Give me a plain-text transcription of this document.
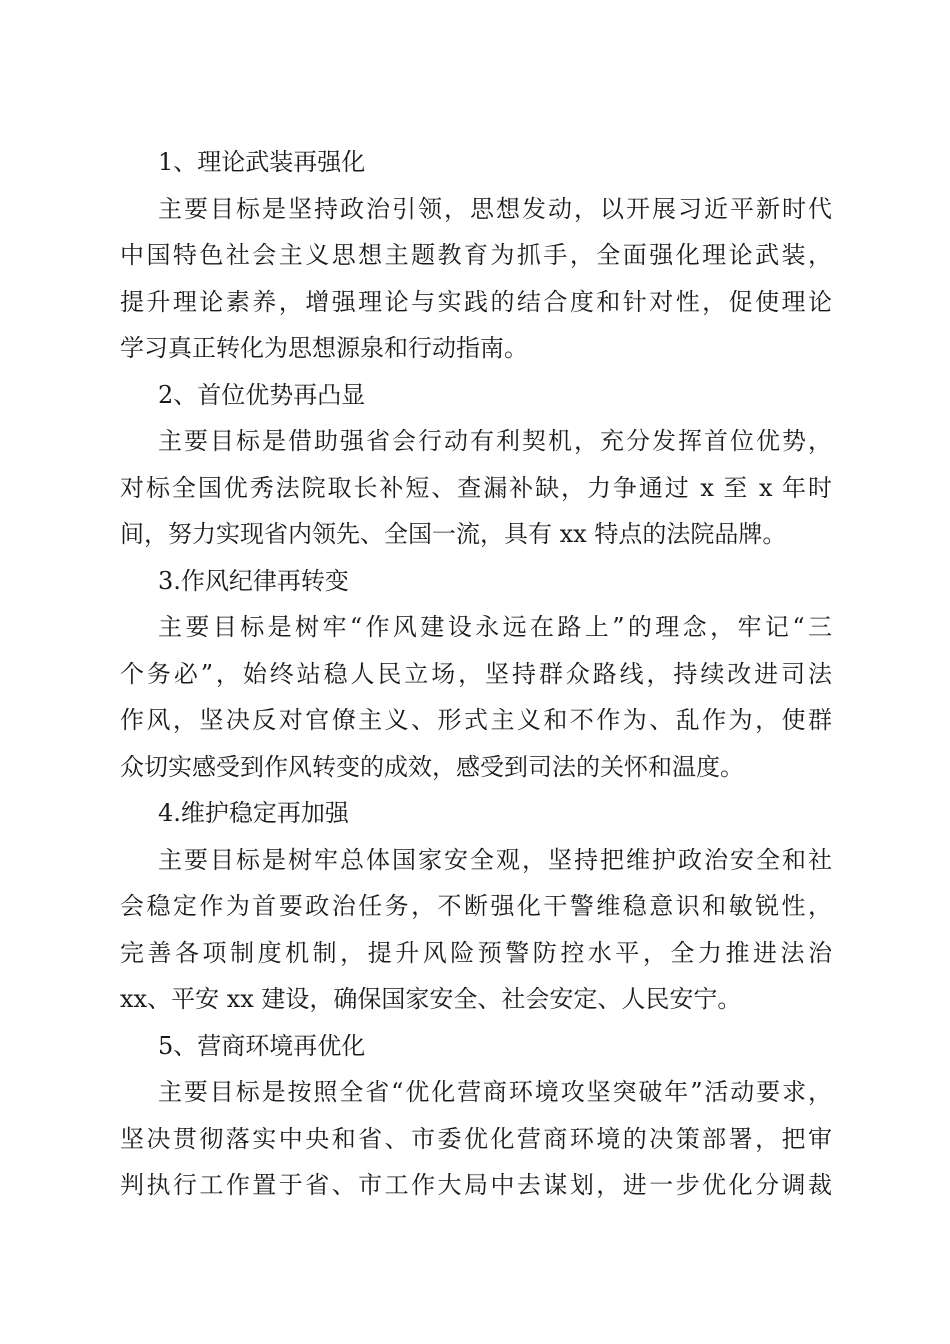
1、理论武装再强化
主要目标是坚持政治引领，思想发动，以开展习近平新时代
中国特色社会主义思想主题教育为抓手，全面强化理论武装，
提升理论素养，增强理论与实践的结合度和针对性，促使理论
学习真正转化为思想源泉和行动指南。
2、首位优势再凸显
主要目标是借助强省会行动有利契机，充分发挥首位优势，
对标全国优秀法院取长补短、查漏补缺，力争通过 x 至 x 年时
间，努力实现省内领先、全国一流，具有 xx 特点的法院品牌。
3.作风纪律再转变
主要目标是树牢“作风建设永远在路上”的理念，牢记“三
个务必”，始终站稳人民立场，坚持群众路线，持续改进司法
作风，坚决反对官僚主义、形式主义和不作为、乱作为，使群
众切实感受到作风转变的成效，感受到司法的关怀和温度。
4.维护稳定再加强
主要目标是树牢总体国家安全观，坚持把维护政治安全和社
会稳定作为首要政治任务，不断强化干警维稳意识和敏锐性，
完善各项制度机制，提升风险预警防控水平，全力推进法治
xx、平安 xx 建设，确保国家安全、社会安定、人民安宁。
5、营商环境再优化
主要目标是按照全省“优化营商环境攻坚突破年”活动要求，
坚决贯彻落实中央和省、市委优化营商环境的决策部署，把审
判执行工作置于省、市工作大局中去谋划，进一步优化分调裁
